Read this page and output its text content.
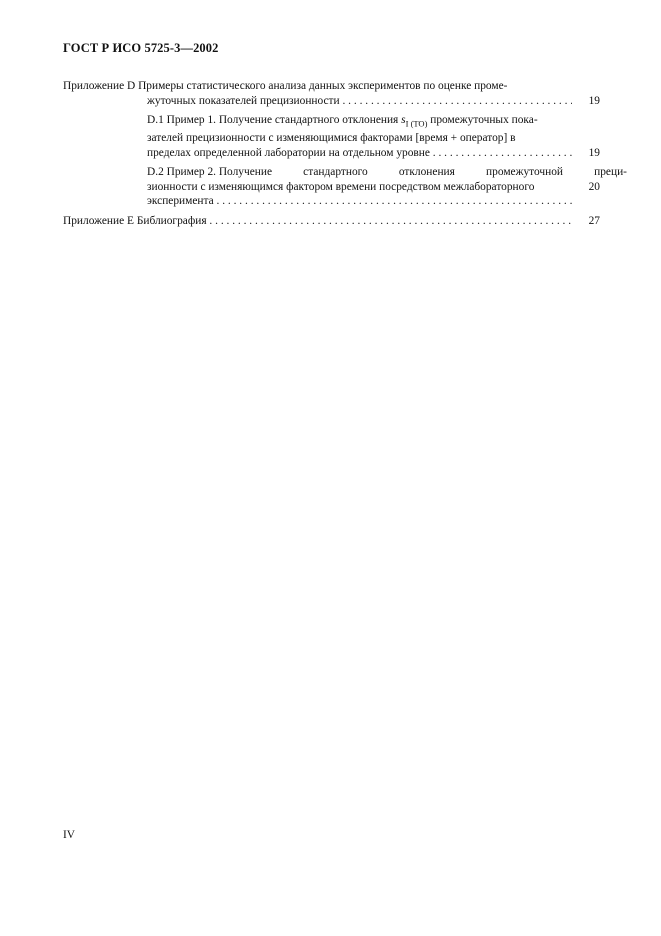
ГОСТ Р ИСО 5725-3—2002
Приложение D Примеры статистического анализа данных экспериментов по оценке проме-
жуточных показателей прецизионности . . .	19
D.1 Пример 1. Получение стандартного отклонения $s_{I (TO)}$ промежуточных пока-
зателей прецизионности с изменяющимися факторами [время + оператор] в
пределах определенной лаборатории на отдельном уровне . . .	19
D.2 Пример 2. Получение	стандартного	отклонения	промежуточной	преци-
зионности с изменяющимся фактором времени посредством межлабораторного	20
эксперимента . . .
Приложение E Библиография . . .	27
IV
